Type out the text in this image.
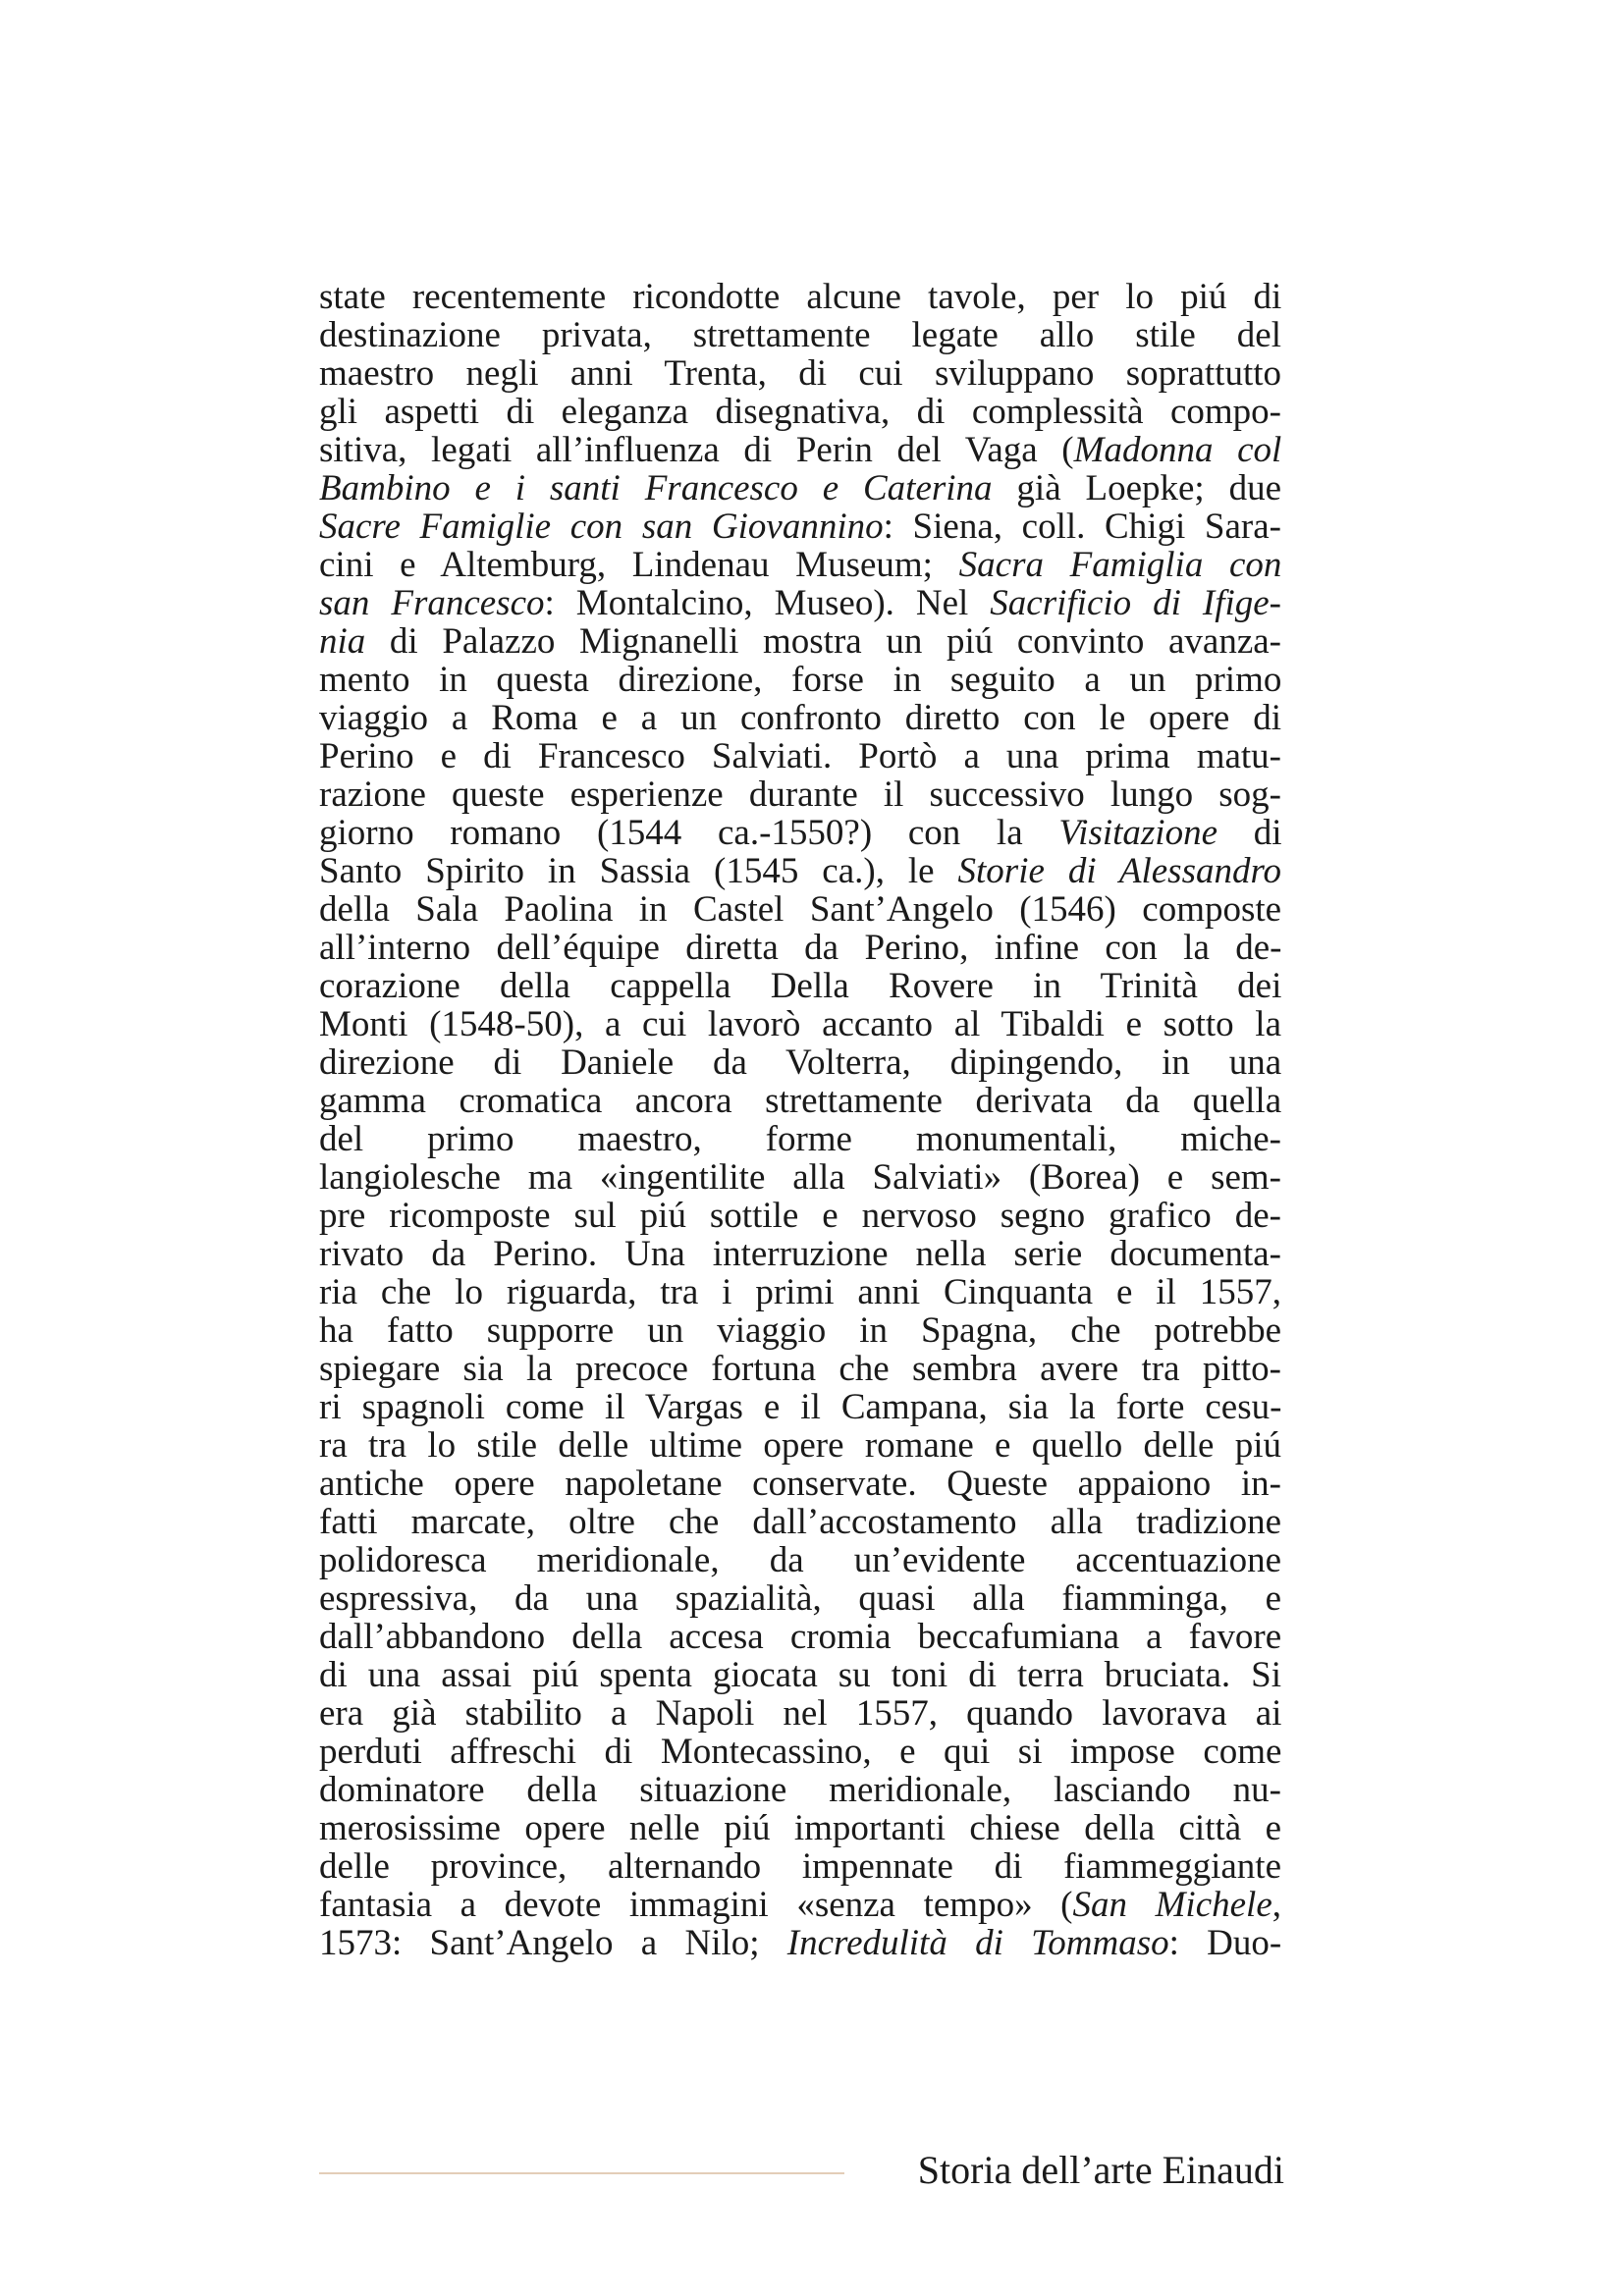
state recentemente ricondotte alcune tavole, per lo piú di
destinazione privata, strettamente legate allo stile del
maestro negli anni Trenta, di cui sviluppano soprattutto
gli aspetti di eleganza disegnativa, di complessità compo-
sitiva, legati all’influenza di Perin del Vaga (Madonna col
Bambino e i santi Francesco e Caterina già Loepke; due
Sacre Famiglie con san Giovannino: Siena, coll. Chigi Sara-
cini e Altemburg, Lindenau Museum; Sacra Famiglia con
san Francesco: Montalcino, Museo). Nel Sacrificio di Ifige-
nia di Palazzo Mignanelli mostra un piú convinto avanza-
mento in questa direzione, forse in seguito a un primo
viaggio a Roma e a un confronto diretto con le opere di
Perino e di Francesco Salviati. Portò a una prima matu-
razione queste esperienze durante il successivo lungo sog-
giorno romano (1544 ca.-1550?) con la Visitazione di
Santo Spirito in Sassia (1545 ca.), le Storie di Alessandro
della Sala Paolina in Castel Sant’Angelo (1546) composte
all’interno dell’équipe diretta da Perino, infine con la de-
corazione della cappella Della Rovere in Trinità dei
Monti (1548-50), a cui lavorò accanto al Tibaldi e sotto la
direzione di Daniele da Volterra, dipingendo, in una
gamma cromatica ancora strettamente derivata da quella
del primo maestro, forme monumentali, miche-
langiolesche ma «ingentilite alla Salviati» (Borea) e sem-
pre ricomposte sul piú sottile e nervoso segno grafico de-
rivato da Perino. Una interruzione nella serie documenta-
ria che lo riguarda, tra i primi anni Cinquanta e il 1557,
ha fatto supporre un viaggio in Spagna, che potrebbe
spiegare sia la precoce fortuna che sembra avere tra pitto-
ri spagnoli come il Vargas e il Campana, sia la forte cesu-
ra tra lo stile delle ultime opere romane e quello delle piú
antiche opere napoletane conservate. Queste appaiono in-
fatti marcate, oltre che dall’accostamento alla tradizione
polidoresca meridionale, da un’evidente accentuazione
espressiva, da una spazialità, quasi alla fiamminga, e
dall’abbandono della accesa cromia beccafumiana a favore
di una assai piú spenta giocata su toni di terra bruciata. Si
era già stabilito a Napoli nel 1557, quando lavorava ai
perduti affreschi di Montecassino, e qui si impose come
dominatore della situazione meridionale, lasciando nu-
merosissime opere nelle piú importanti chiese della città e
delle province, alternando impennate di fiammeggiante
fantasia a devote immagini «senza tempo» (San Michele,
1573: Sant’Angelo a Nilo; Incredulità di Tommaso: Duo-
Storia dell’arte Einaudi
